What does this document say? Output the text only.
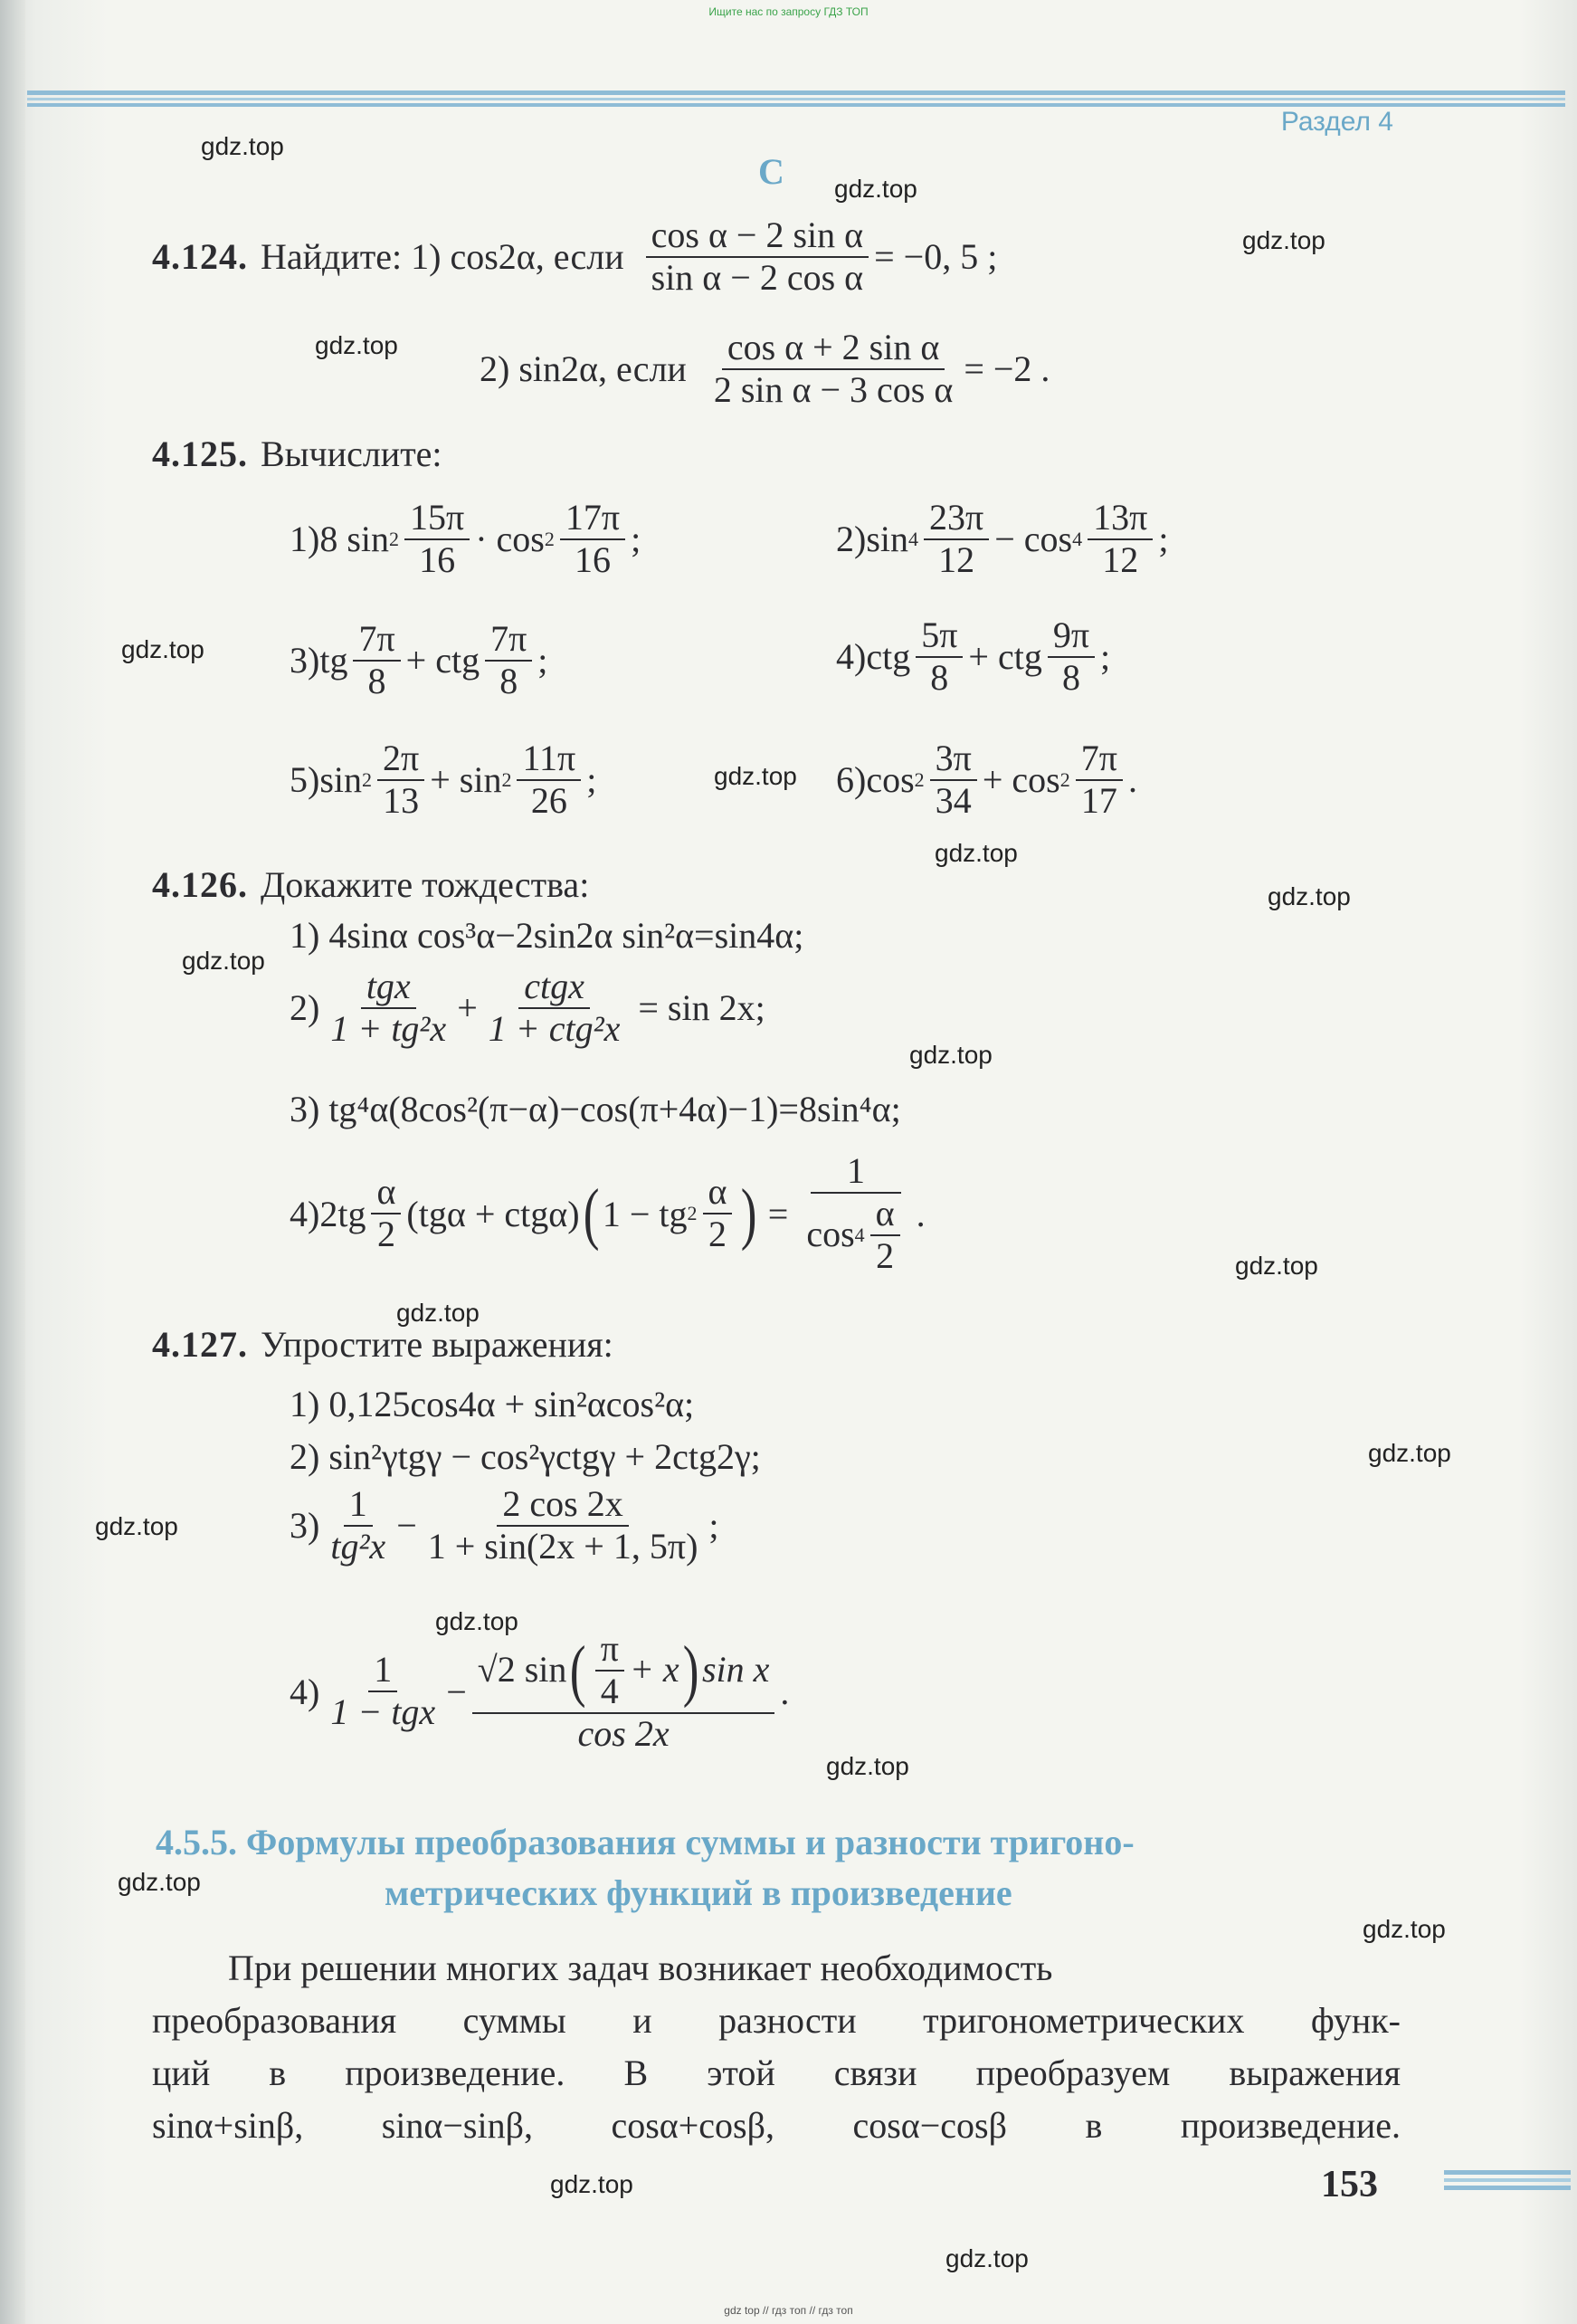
Ищите нас по запросу ГДЗ ТОП
Раздел 4
С
gdz.top
gdz.top
gdz.top
gdz.top
gdz.top
gdz.top
gdz.top
gdz.top
gdz.top
gdz.top
gdz.top
gdz.top
gdz.top
gdz.top
gdz.top
gdz.top
gdz.top
gdz.top
gdz.top
gdz.top
4.124. Найдите: 1) cos2α, если $\frac{\text{cos α − 2 sin α}}{\text{sin α − 2 cos α}} = -0$, 5 ;
2) sin2α, если $\frac{\text{cos α + 2 sin α}}{\text{2 sin α − 3 cos α}} = -2$ .
4.125. Вычислите:
1) 8 $\sin 2 \frac{15\pi}{16} \cdot \cos 2 \frac{17\pi}{16}$ ;	2) $\sin 4 \frac{23\pi}{12} - \cos 4 \frac{13\pi}{12}$ ;
3) tg $\frac{7\pi}{8}$ + ctg $\frac{7\pi}{8}$ ;	4) ctg $\frac{5\pi}{8}$ + ctg $\frac{9\pi}{8}$ ;
5) $\sin 2 \frac{2\pi}{13} + \sin 2 \frac{11\pi}{26}$ ;	6) $\cos 2 \frac{3\pi}{34} + \cos 2 \frac{7\pi}{17}$ .
4.126. Докажите тождества:
1) 4sinα cos³α−2sin2α sin²α=sin4α;
$2) \frac{\text{tgx}}{\text{1 + tg²x}} + \frac{\text{ctgx}}{\text{1 + ctg²x}} = \sin 2x$;
3) tg⁴α(8cos²(π−α)−cos(π+4α)−1)=8sin⁴α;
4) $2tg \frac{\alpha}{2} (tg\alpha + ctg\alpha)$ ( 1 − tg $2 \frac{\alpha}{2}$ ) = $\frac{1}{\cos 4 \frac{\alpha}{2}}$ .
4.127. Упростите выражения:
1) 0,125cos4α + sin²αcos²α;
2) sin²γtgγ − cos²γctgγ + 2ctg2γ;
$3) \frac{1}{\text{tg²x}} - \frac{2 \cos 2x}{1 + \sin(2x + 1, 5\pi)}$ ;
$4) \frac{1}{\text{1 − tgx}}$ −
√2 sin ( $\frac{\pi}{4} + x$ ) sin x
cos 2x
.
4.5.5. Формулы преобразования суммы и разности тригоно-
метрических функций в произведение

При решении многих задач возникает необходимость

преобразования суммы и разности тригонометрических функ-

ций в произведение. В этой связи преобразуем выражения

sinα+sinβ, sinα−sinβ, cosα+cosβ, cosα−cosβ в произведение.

153
gdz top // гдз топ // гдз топ
